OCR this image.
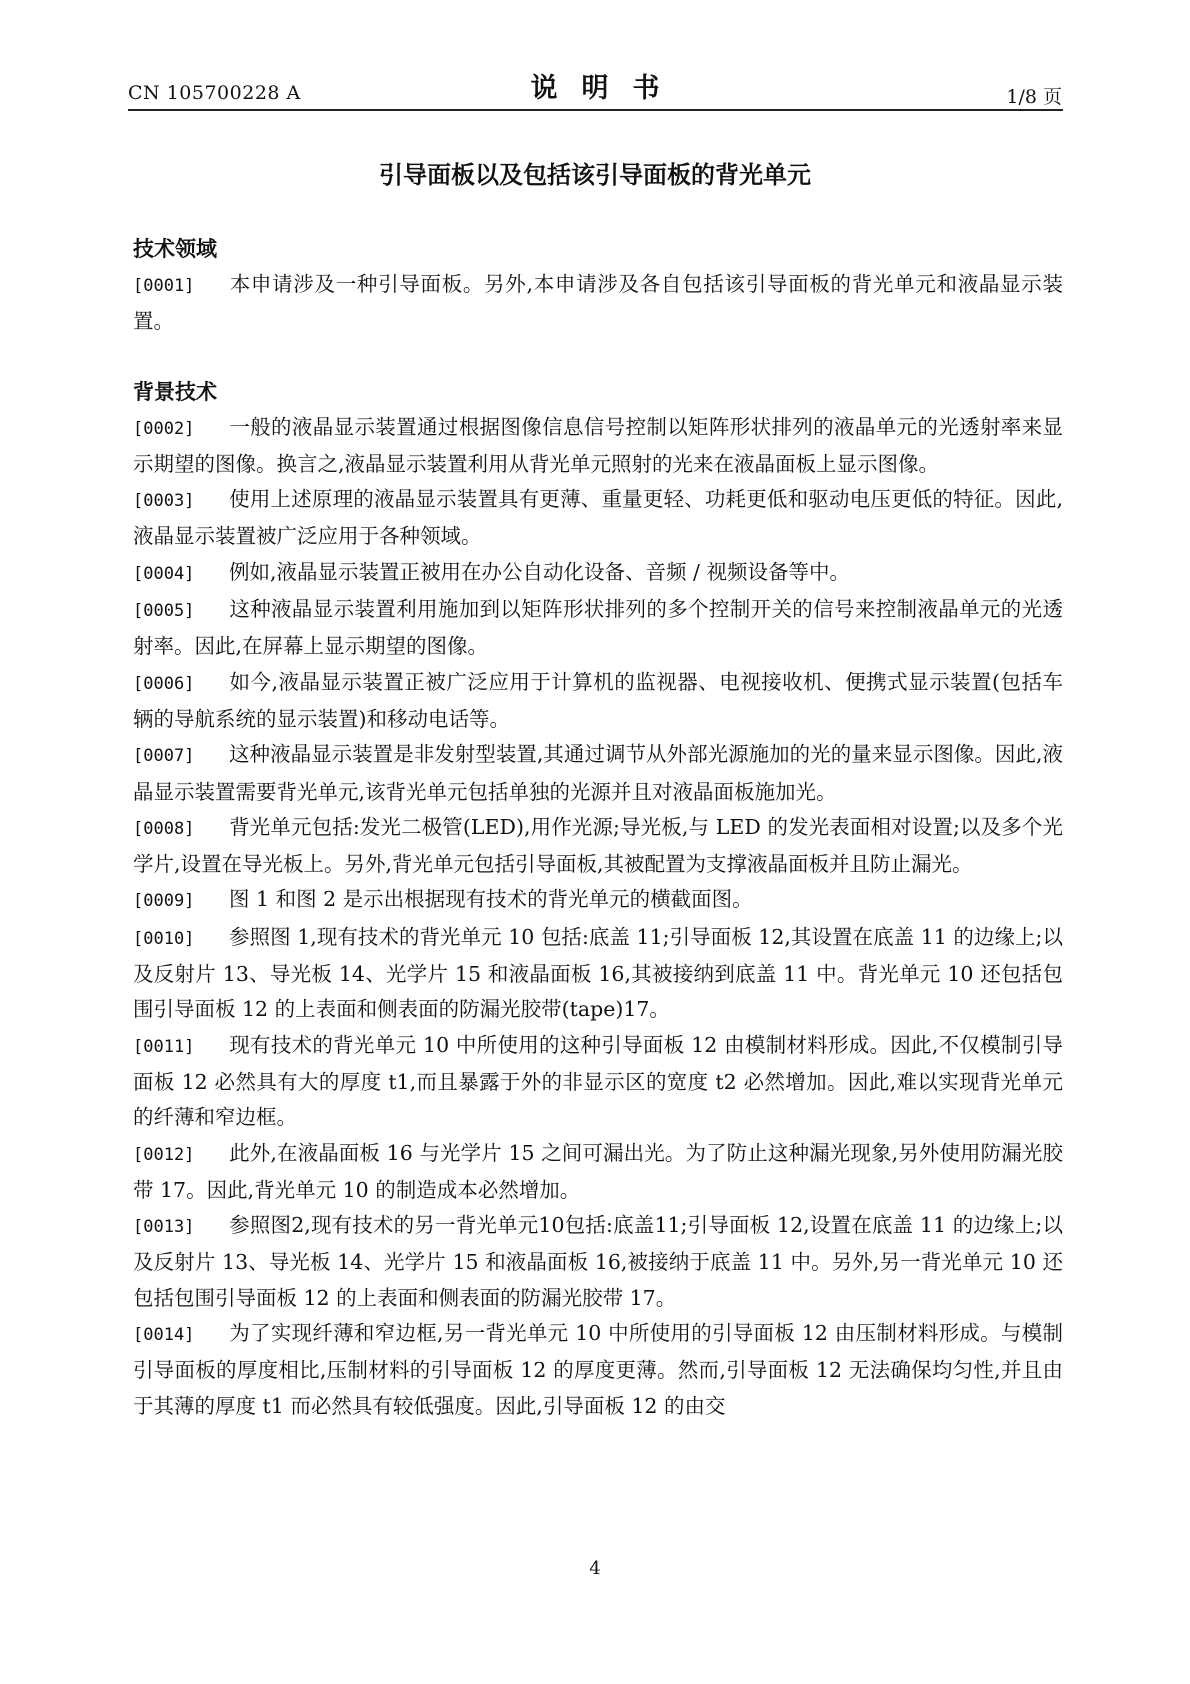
CN 105700228 A	说明书	1/8 页
引导面板以及包括该引导面板的背光单元
技术领域

[0001] 本申请涉及一种引导面板。另外,本申请涉及各自包括该引导面板的背光单元和液晶显示装置。

背景技术

[0002] 一般的液晶显示装置通过根据图像信息信号控制以矩阵形状排列的液晶单元的光透射率来显示期望的图像。换言之,液晶显示装置利用从背光单元照射的光来在液晶面板上显示图像。

[0003] 使用上述原理的液晶显示装置具有更薄、重量更轻、功耗更低和驱动电压更低的特征。因此,液晶显示装置被广泛应用于各种领域。

[0004] 例如,液晶显示装置正被用在办公自动化设备、音频 / 视频设备等中。

[0005] 这种液晶显示装置利用施加到以矩阵形状排列的多个控制开关的信号来控制液晶单元的光透射率。因此,在屏幕上显示期望的图像。

[0006] 如今,液晶显示装置正被广泛应用于计算机的监视器、电视接收机、便携式显示装置(包括车辆的导航系统的显示装置)和移动电话等。

[0007] 这种液晶显示装置是非发射型装置,其通过调节从外部光源施加的光的量来显示图像。因此,液晶显示装置需要背光单元,该背光单元包括单独的光源并且对液晶面板施加光。

[0008] 背光单元包括:发光二极管(LED),用作光源;导光板,与 LED 的发光表面相对设置;以及多个光学片,设置在导光板上。另外,背光单元包括引导面板,其被配置为支撑液晶面板并且防止漏光。

[0009] 图 1 和图 2 是示出根据现有技术的背光单元的横截面图。

[0010] 参照图 1,现有技术的背光单元 10 包括:底盖 11;引导面板 12,其设置在底盖 11 的边缘上;以及反射片 13、导光板 14、光学片 15 和液晶面板 16,其被接纳到底盖 11 中。背光单元 10 还包括包围引导面板 12 的上表面和侧表面的防漏光胶带(tape)17。

[0011] 现有技术的背光单元 10 中所使用的这种引导面板 12 由模制材料形成。因此,不仅模制引导面板 12 必然具有大的厚度 t1,而且暴露于外的非显示区的宽度 t2 必然增加。因此,难以实现背光单元的纤薄和窄边框。

[0012] 此外,在液晶面板 16 与光学片 15 之间可漏出光。为了防止这种漏光现象,另外使用防漏光胶带 17。因此,背光单元 10 的制造成本必然增加。

[0013] 参照图2,现有技术的另一背光单元10包括:底盖11;引导面板 12,设置在底盖 11 的边缘上;以及反射片 13、导光板 14、光学片 15 和液晶面板 16,被接纳于底盖 11 中。另外,另一背光单元 10 还包括包围引导面板 12 的上表面和侧表面的防漏光胶带 17。

[0014] 为了实现纤薄和窄边框,另一背光单元 10 中所使用的引导面板 12 由压制材料形成。与模制引导面板的厚度相比,压制材料的引导面板 12 的厚度更薄。然而,引导面板 12 无法确保均匀性,并且由于其薄的厚度 t1 而必然具有较低强度。因此,引导面板 12 的由交

4
